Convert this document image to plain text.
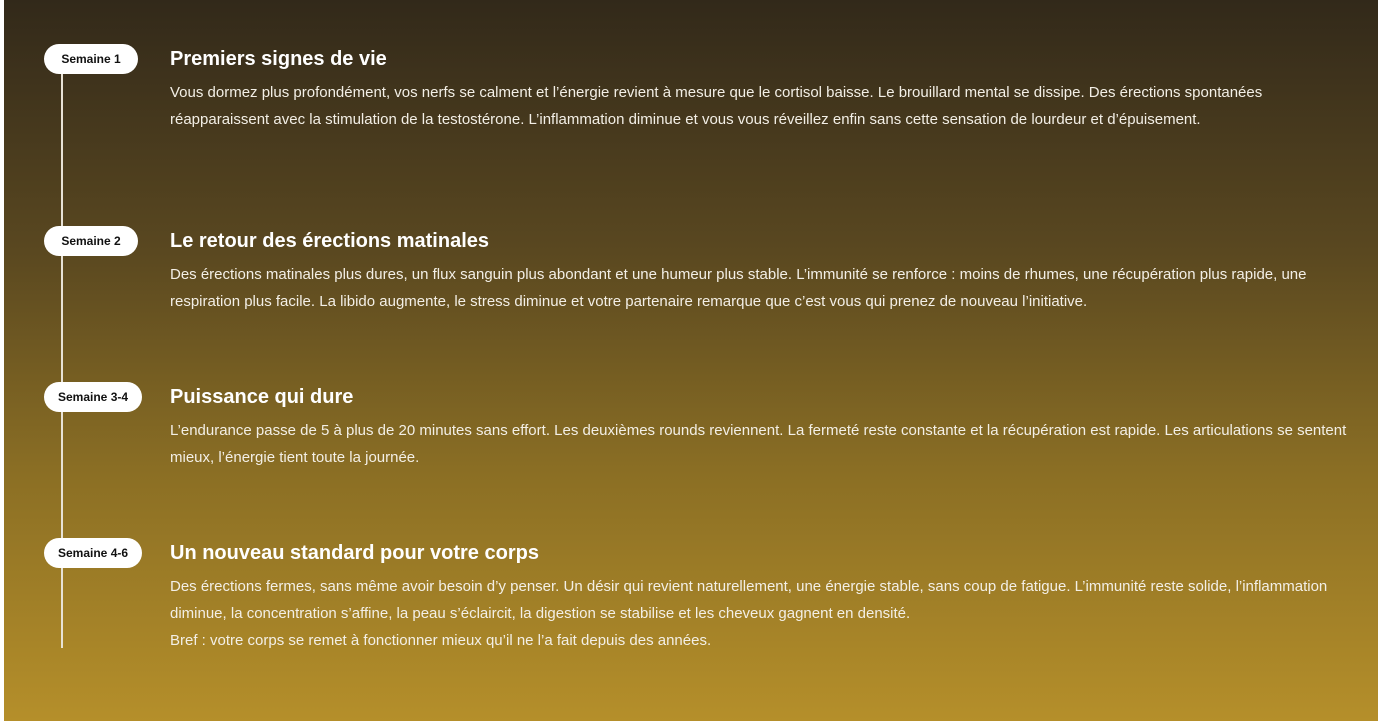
Semaine 1	Premiers signes de vie

Vous dormez plus profondément, vos nerfs se calment et l’énergie revient à mesure que le cortisol baisse. Le brouillard mental se dissipe. Des érections spontanées réapparaissent avec la stimulation de la testostérone. L’inflammation diminue et vous vous réveillez enfin sans cette sensation de lourdeur et d’épuisement.

Semaine 2	Le retour des érections matinales

Des érections matinales plus dures, un flux sanguin plus abondant et une humeur plus stable. L’immunité se renforce : moins de rhumes, une récupération plus rapide, une respiration plus facile. La libido augmente, le stress diminue et votre partenaire remarque que c’est vous qui prenez de nouveau l’initiative.

Semaine 3-4	Puissance qui dure

L’endurance passe de 5 à plus de 20 minutes sans effort. Les deuxièmes rounds reviennent. La fermeté reste constante et la récupération est rapide. Les articulations se sentent mieux, l’énergie tient toute la journée.

Semaine 4-6	Un nouveau standard pour votre corps

Des érections fermes, sans même avoir besoin d’y penser. Un désir qui revient naturellement, une énergie stable, sans coup de fatigue. L’immunité reste solide, l’inflammation diminue, la concentration s’affine, la peau s’éclaircit, la digestion se stabilise et les cheveux gagnent en densité.

Bref : votre corps se remet à fonctionner mieux qu’il ne l’a fait depuis des années.
